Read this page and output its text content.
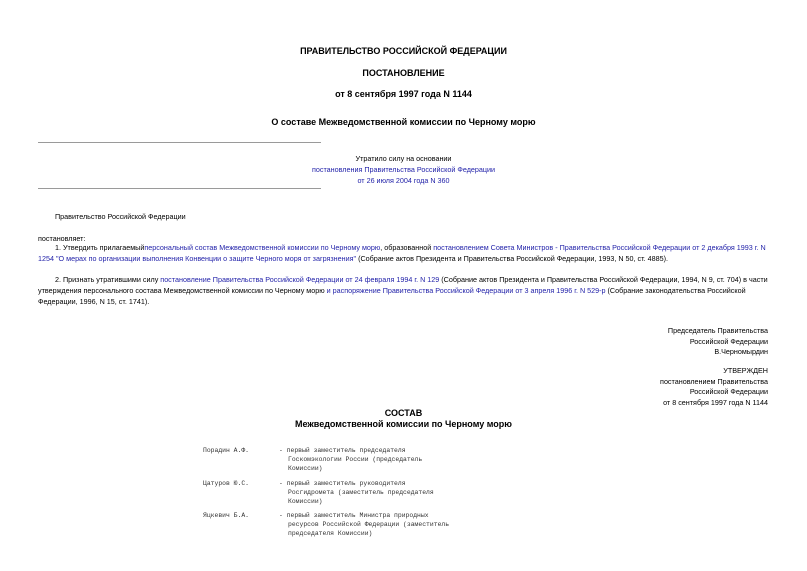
ПРАВИТЕЛЬСТВО РОССИЙСКОЙ ФЕДЕРАЦИИ
ПОСТАНОВЛЕНИЕ
от 8 сентября 1997 года N 1144
О составе Межведомственной комиссии по Черному морю

Утратило силу на основании

постановления Правительства Российской Федерации

от 26 июля 2004 года N 360

Правительство Российской Федерации
постановляет:
1. Утвердить прилагаемыйперсональный состав Межведомственной комиссии по Черному морю, образованной постановлением Совета Министров - Правительства Российской Федерации от 2 декабря 1993 г. N 1254 "О мерах по организации выполнения Конвенции о защите Черного моря от загрязнения" (Собрание актов Президента и Правительства Российской Федерации, 1993, N 50, ст. 4885).
2. Признать утратившими силу постановление Правительства Российской Федерации от 24 февраля 1994 г. N 129 (Собрание актов Президента и Правительства Российской Федерации, 1994, N 9, ст. 704) в части утверждения персонального состава Межведомственной комиссии по Черному морю и распоряжение Правительства Российской Федерации от 3 апреля 1996 г. N 529-р (Собрание законодательства Российской Федерации, 1996, N 15, ст. 1741).

Председатель Правительства

Российской Федерации

В.Черномырдин

УТВЕРЖДЕН

постановлением Правительства

Российской Федерации

от 8 сентября 1997 года N 1144

СОСТАВ
Межведомственной комиссии по Черному морю
Порадин А.Ф.	- первый заместитель председателя

Госкомэкологии России (председатель

Комиссии)

Цатуров Ю.С.	- первый заместитель руководителя

Росгидромета (заместитель председателя

Комиссии)

Яцкевич Б.А.	- первый заместитель Министра природных

ресурсов Российской Федерации (заместитель

председателя Комиссии)
